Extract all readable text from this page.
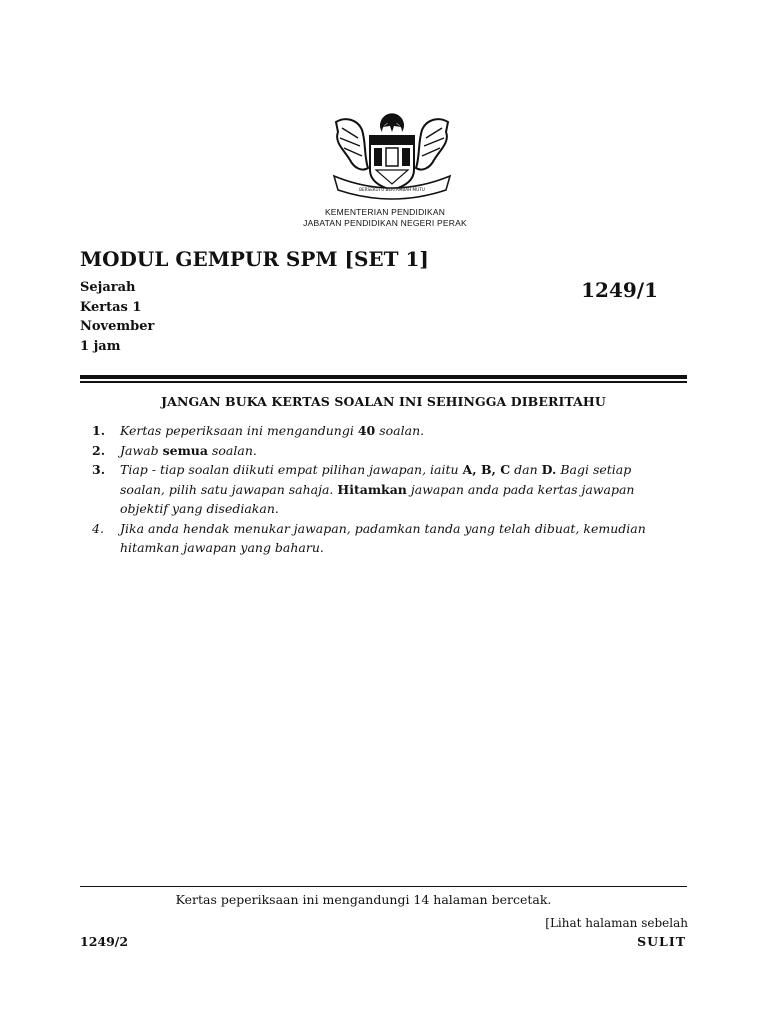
BERSEKUTU BERTAMBAH MUTU
KEMENTERIAN PENDIDIKAN
JABATAN PENDIDIKAN NEGERI PERAK
MODUL GEMPUR SPM [SET 1]
Sejarah
Kertas 1
November
1 jam
1249/1
JANGAN BUKA KERTAS SOALAN INI SEHINGGA DIBERITAHU
1.	Kertas peperiksaan ini mengandungi 40 soalan.
2.	Jawab semua soalan.
3.	Tiap - tiap soalan diikuti empat pilihan jawapan, iaitu A, B, C dan D. Bagi setiap soalan, pilih satu jawapan sahaja. Hitamkan jawapan anda pada kertas jawapan objektif yang disediakan.
4.	Jika anda hendak menukar jawapan, padamkan tanda yang telah dibuat, kemudian hitamkan jawapan yang baharu.
Kertas peperiksaan ini mengandungi 14 halaman bercetak.
[Lihat halaman sebelah
1249/2	SULIT
